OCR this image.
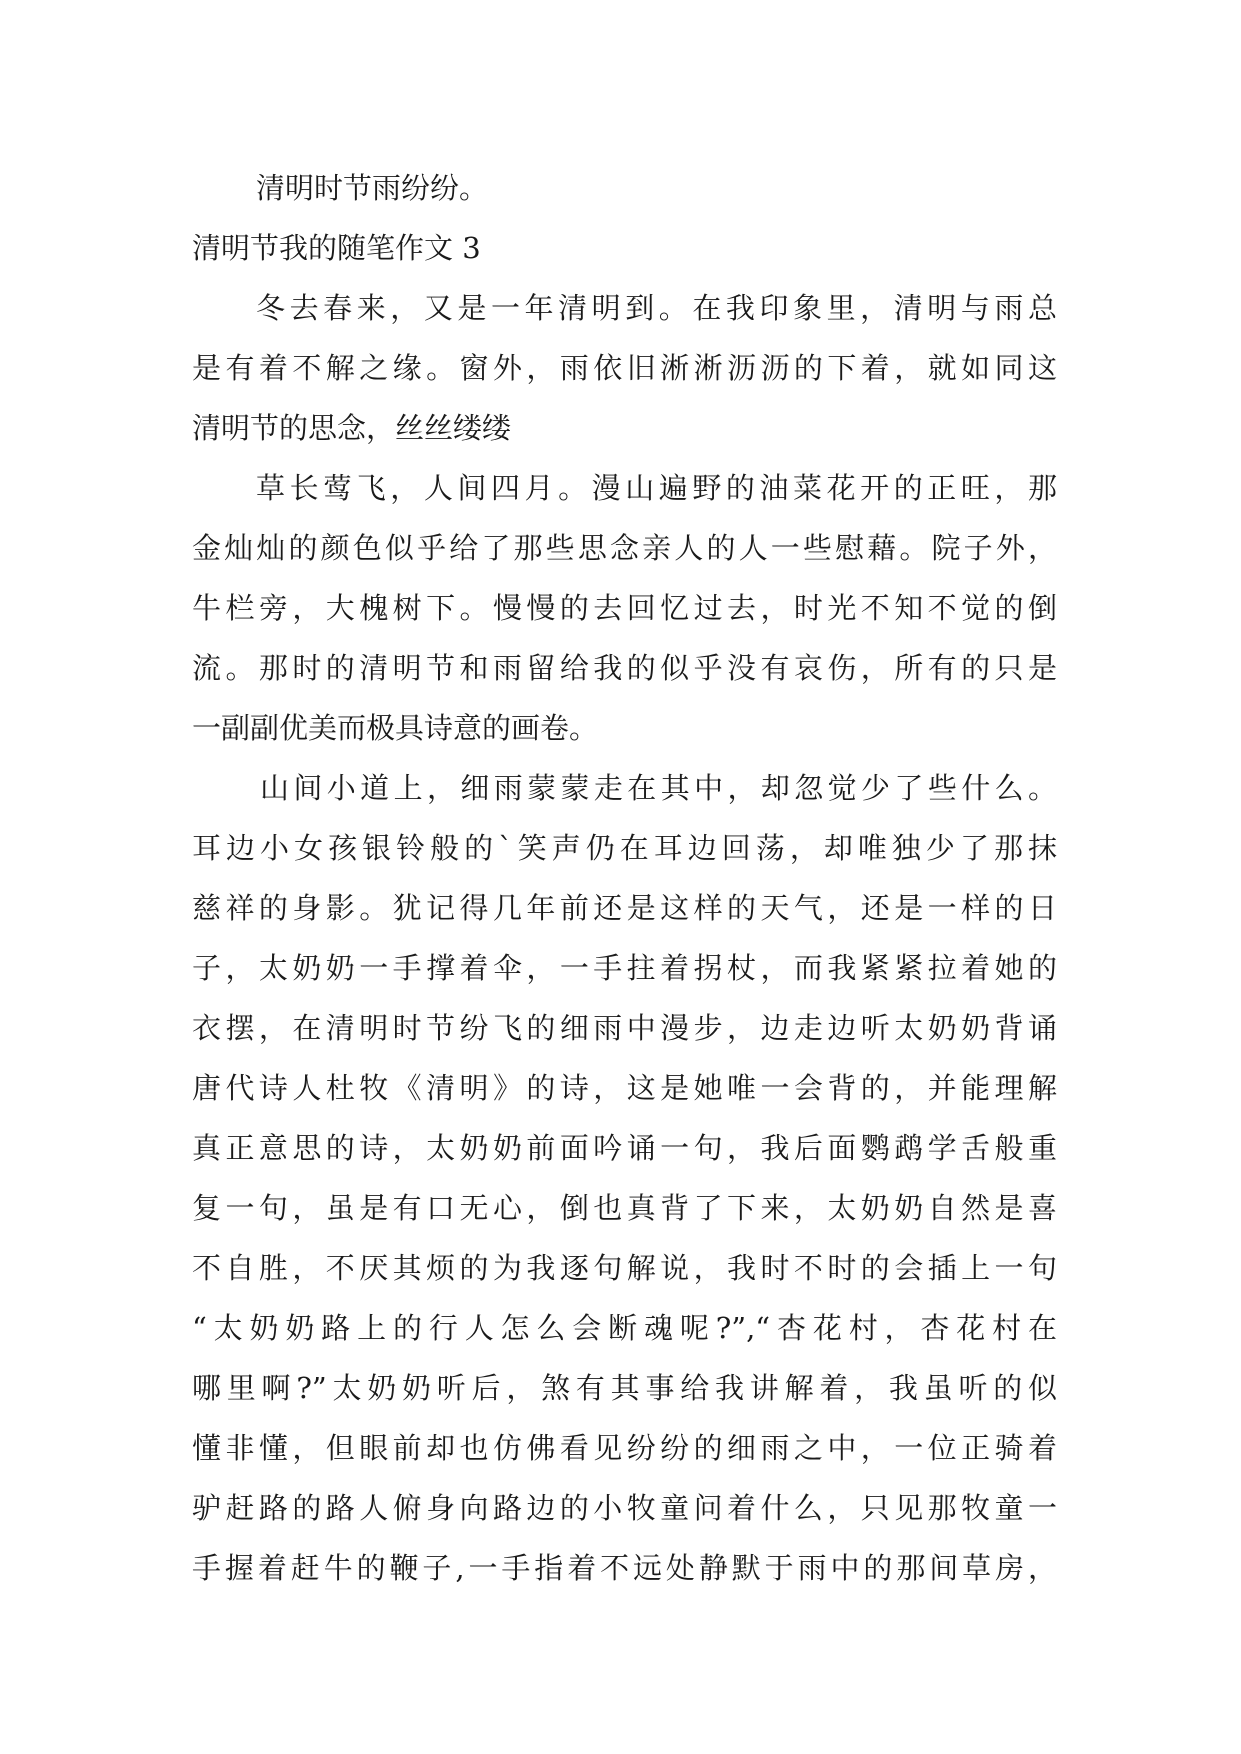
清明时节雨纷纷。
清明节我的随笔作文 3
冬去春来，又是一年清明到。在我印象里，清明与雨总
是有着不解之缘。窗外，雨依旧淅淅沥沥的下着，就如同这
清明节的思念，丝丝缕缕
草长莺飞，人间四月。漫山遍野的油菜花开的正旺，那
金灿灿的颜色似乎给了那些思念亲人的人一些慰藉。院子外，
牛栏旁，大槐树下。慢慢的去回忆过去，时光不知不觉的倒
流。那时的清明节和雨留给我的似乎没有哀伤，所有的只是
一副副优美而极具诗意的画卷。
山间小道上，细雨蒙蒙走在其中，却忽觉少了些什么。
耳边小女孩银铃般的`笑声仍在耳边回荡，却唯独少了那抹
慈祥的身影。犹记得几年前还是这样的天气，还是一样的日
子，太奶奶一手撑着伞，一手拄着拐杖，而我紧紧拉着她的
衣摆，在清明时节纷飞的细雨中漫步，边走边听太奶奶背诵
唐代诗人杜牧《清明》的诗，这是她唯一会背的，并能理解
真正意思的诗，太奶奶前面吟诵一句，我后面鹦鹉学舌般重
复一句，虽是有口无心，倒也真背了下来，太奶奶自然是喜
不自胜，不厌其烦的为我逐句解说，我时不时的会插上一句
“太奶奶路上的行人怎么会断魂呢?”,“杏花村，杏花村在
哪里啊?”太奶奶听后，煞有其事给我讲解着，我虽听的似
懂非懂，但眼前却也仿佛看见纷纷的细雨之中，一位正骑着
驴赶路的路人俯身向路边的小牧童问着什么，只见那牧童一
手握着赶牛的鞭子,一手指着不远处静默于雨中的那间草房，
